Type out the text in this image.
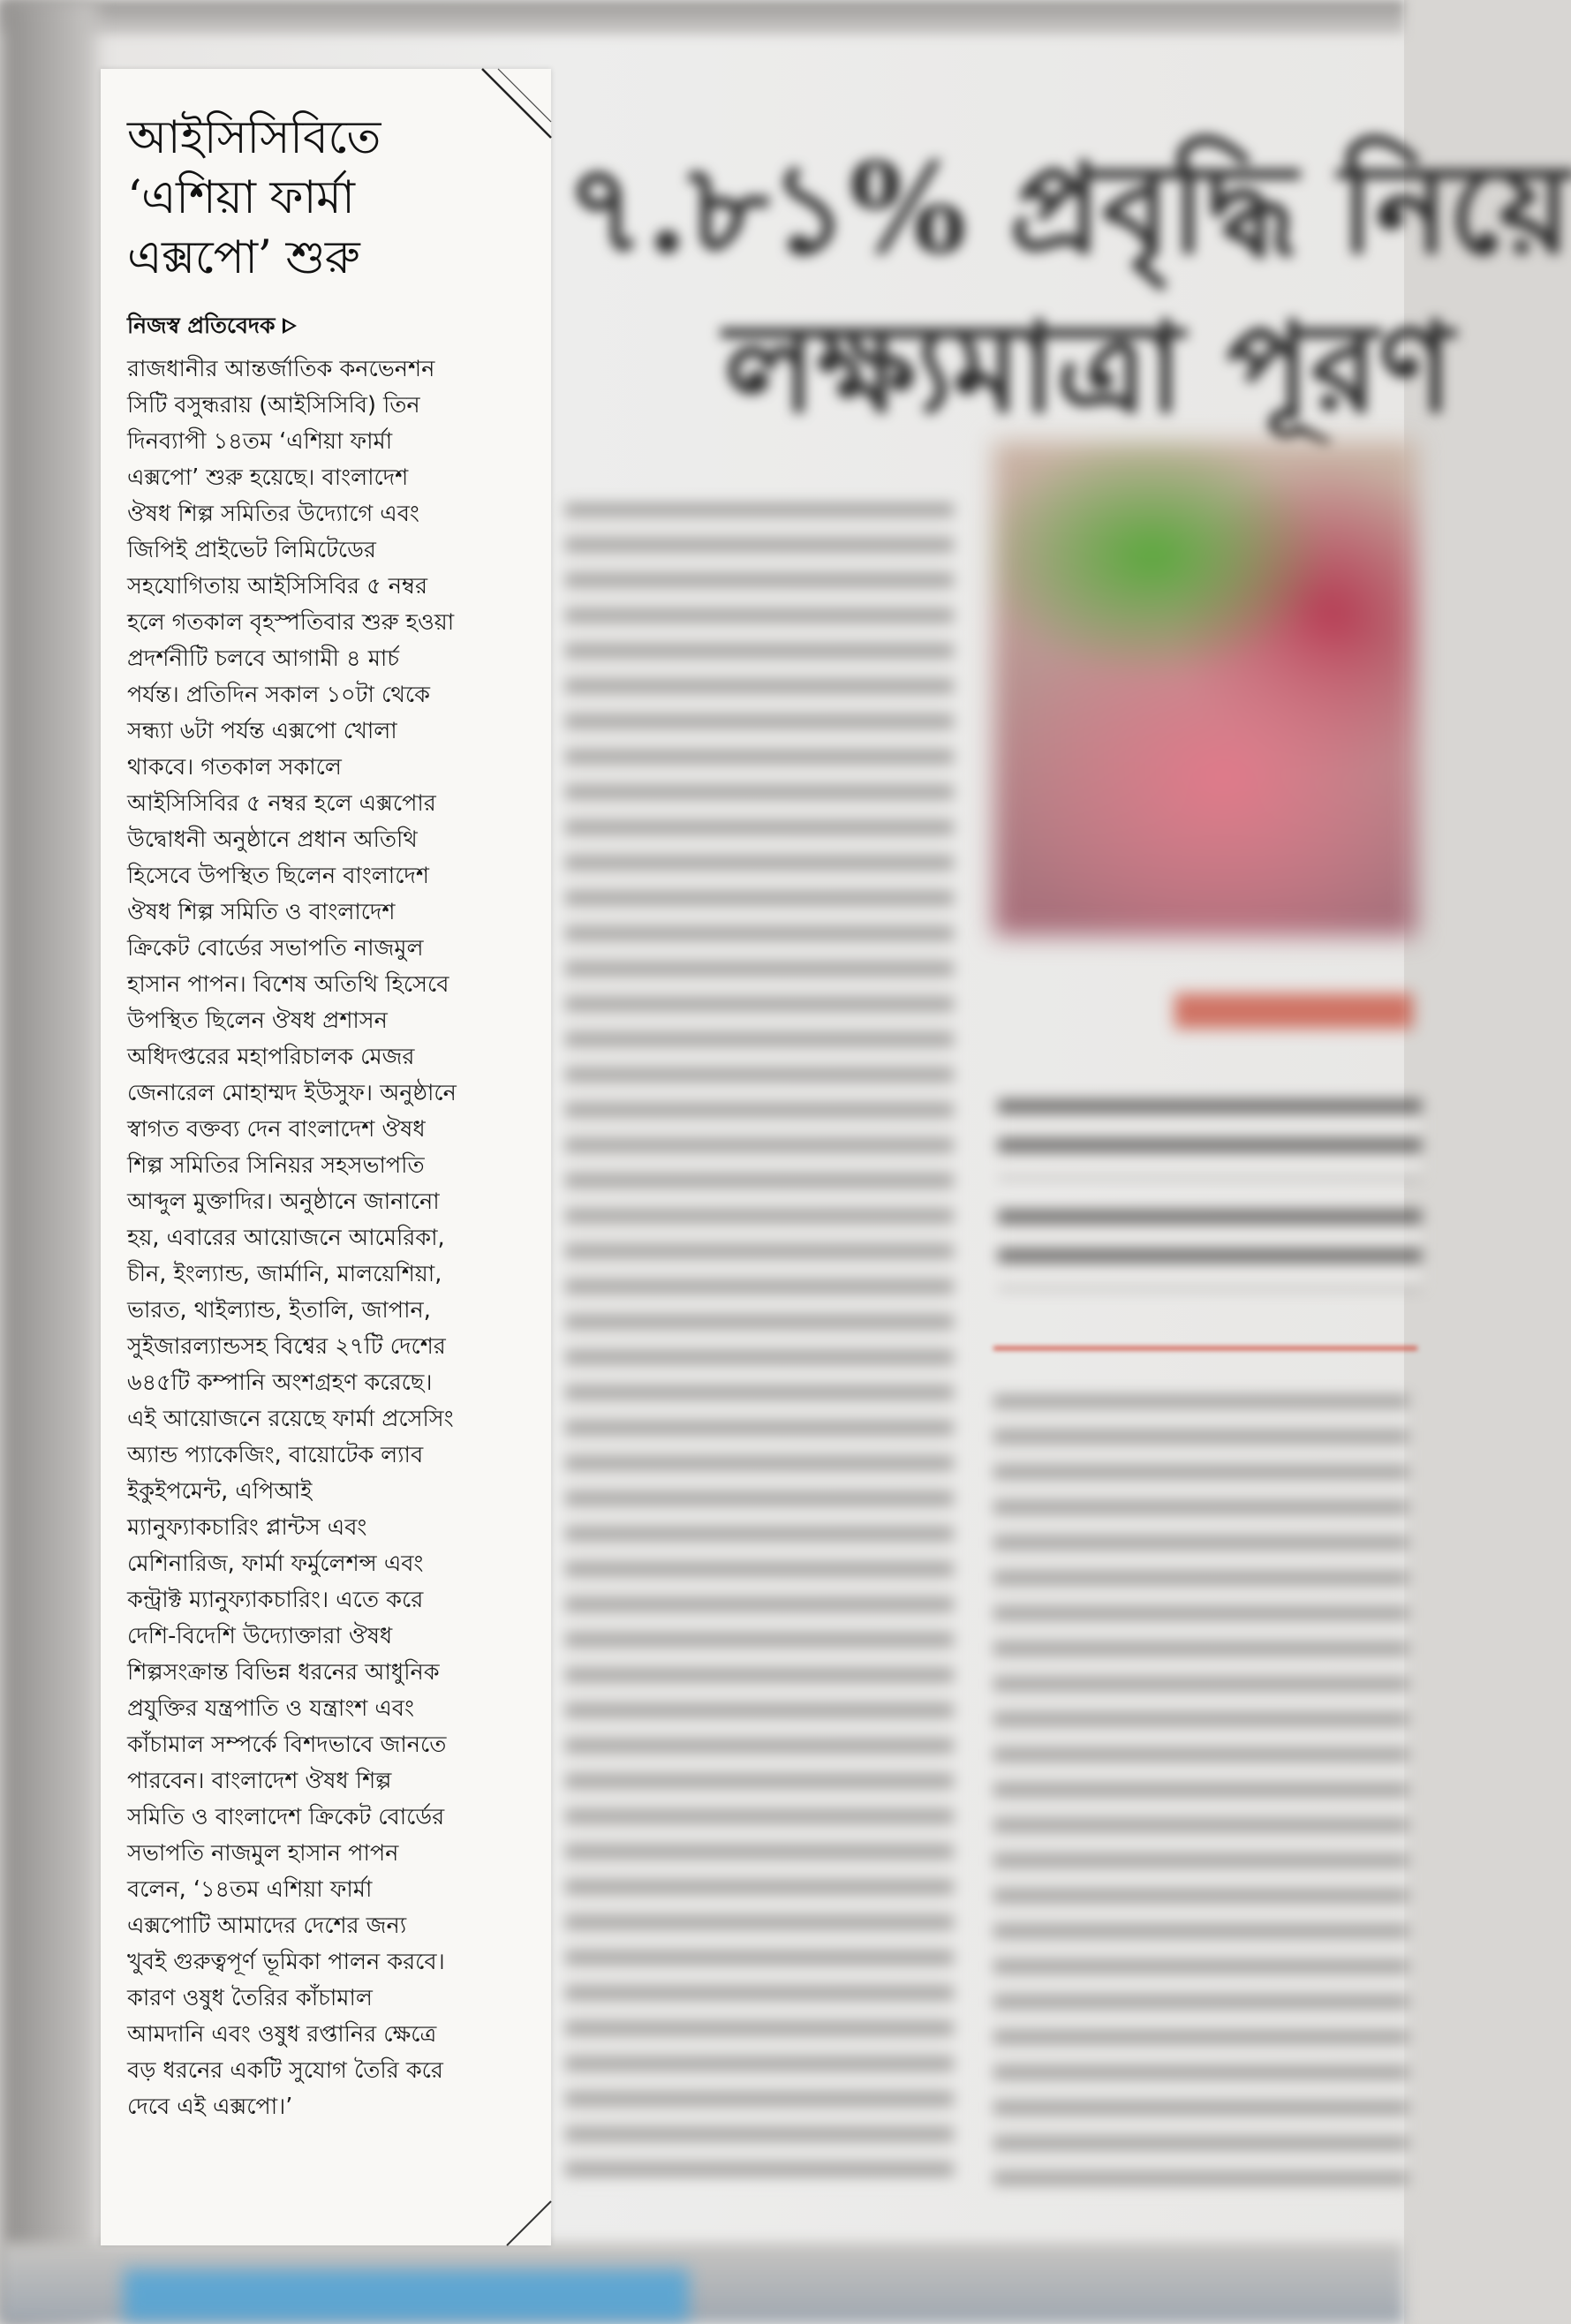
৭.৮১% প্রবৃদ্ধি নিয়ে
লক্ষ্যমাত্রা পূরণ
আইসিসিবিতে
‘এশিয়া ফার্মা
এক্সপো’ শুরু
নিজস্ব প্রতিবেদক

রাজধানীর আন্তর্জাতিক কনভেনশন
সিটি বসুন্ধরায় (আইসিসিবি) তিন
দিনব্যাপী ১৪তম ‘এশিয়া ফার্মা
এক্সপো’ শুরু হয়েছে। বাংলাদেশ
ঔষধ শিল্প সমিতির উদ্যোগে এবং
জিপিই প্রাইভেট লিমিটেডের
সহযোগিতায় আইসিসিবির ৫ নম্বর
হলে গতকাল বৃহস্পতিবার শুরু হওয়া
প্রদর্শনীটি চলবে আগামী ৪ মার্চ
পর্যন্ত। প্রতিদিন সকাল ১০টা থেকে
সন্ধ্যা ৬টা পর্যন্ত এক্সপো খোলা
থাকবে। গতকাল সকালে
আইসিসিবির ৫ নম্বর হলে এক্সপোর
উদ্বোধনী অনুষ্ঠানে প্রধান অতিথি
হিসেবে উপস্থিত ছিলেন বাংলাদেশ
ঔষধ শিল্প সমিতি ও বাংলাদেশ
ক্রিকেট বোর্ডের সভাপতি নাজমুল
হাসান পাপন। বিশেষ অতিথি হিসেবে
উপস্থিত ছিলেন ঔষধ প্রশাসন
অধিদপ্তরের মহাপরিচালক মেজর
জেনারেল মোহাম্মদ ইউসুফ। অনুষ্ঠানে
স্বাগত বক্তব্য দেন বাংলাদেশ ঔষধ
শিল্প সমিতির সিনিয়র সহসভাপতি
আব্দুল মুক্তাদির। অনুষ্ঠানে জানানো
হয়, এবারের আয়োজনে আমেরিকা,
চীন, ইংল্যান্ড, জার্মানি, মালয়েশিয়া,
ভারত, থাইল্যান্ড, ইতালি, জাপান,
সুইজারল্যান্ডসহ বিশ্বের ২৭টি দেশের
৬৪৫টি কম্পানি অংশগ্রহণ করেছে।
এই আয়োজনে রয়েছে ফার্মা প্রসেসিং
অ্যান্ড প্যাকেজিং, বায়োটেক ল্যাব
ইকুইপমেন্ট, এপিআই
ম্যানুফ্যাকচারিং প্লান্টস এবং
মেশিনারিজ, ফার্মা ফর্মুলেশন্স এবং
কন্ট্রাক্ট ম্যানুফ্যাকচারিং। এতে করে
দেশি-বিদেশি উদ্যোক্তারা ঔষধ
শিল্পসংক্রান্ত বিভিন্ন ধরনের আধুনিক
প্রযুক্তির যন্ত্রপাতি ও যন্ত্রাংশ এবং
কাঁচামাল সম্পর্কে বিশদভাবে জানতে
পারবেন। বাংলাদেশ ঔষধ শিল্প
সমিতি ও বাংলাদেশ ক্রিকেট বোর্ডের
সভাপতি নাজমুল হাসান পাপন
বলেন, ‘১৪তম এশিয়া ফার্মা
এক্সপোটি আমাদের দেশের জন্য
খুবই গুরুত্বপূর্ণ ভূমিকা পালন করবে।
কারণ ওষুধ তৈরির কাঁচামাল
আমদানি এবং ওষুধ রপ্তানির ক্ষেত্রে
বড় ধরনের একটি সুযোগ তৈরি করে
দেবে এই এক্সপো।’
